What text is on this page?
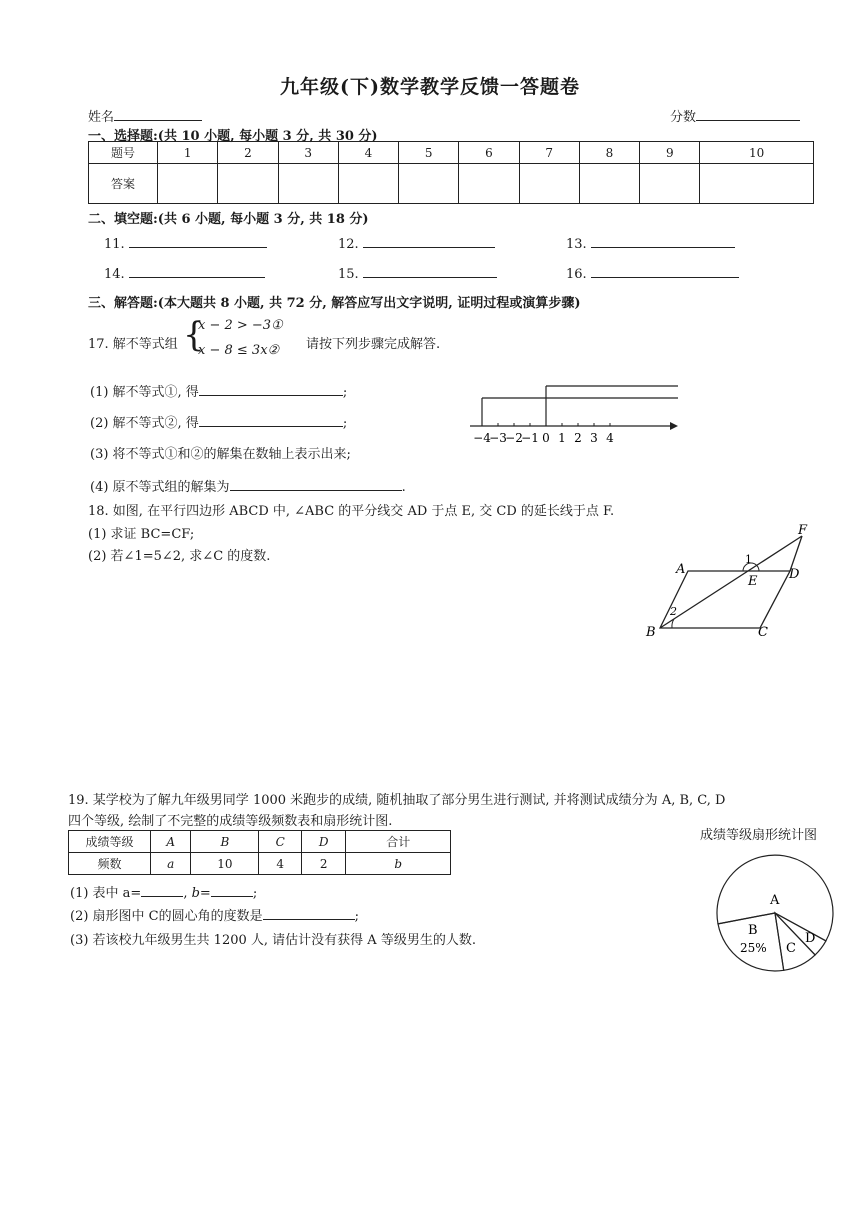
九年级(下)数学教学反馈一答题卷
姓名	分数
一、选择题:(共 10 小题, 每小题 3 分, 共 30 分)
题号	1	2	3	4	5	6	7	8	9	10
答案										
二、填空题:(共 6 小题, 每小题 3 分, 共 18 分)
11.	12.	13.
14.	15.	16.
三、解答题:(本大题共 8 小题, 共 72 分, 解答应写出文字说明, 证明过程或演算步骤)
17. 解不等式组 {
x − 2 > −3①
x − 8 ≤ 3x② 请按下列步骤完成解答.
(1) 解不等式①, 得	;
(2) 解不等式②, 得	;
(3) 将不等式①和②的解集在数轴上表示出来;
(4) 原不等式组的解集为	.
−4
−3
−2
−1 0 1 2 3 4
18. 如图, 在平行四边形 ABCD 中, ∠ABC 的平分线交 AD 于点 E, 交 CD 的延长线于点 F.
(1) 求证 BC=CF;
(2) 若∠1=5∠2, 求∠C 的度数.
A
B	C
D
E
F
1
2
19. 某学校为了解九年级男同学 1000 米跑步的成绩, 随机抽取了部分男生进行测试, 并将测试成绩分为 A, B, C, D
四个等级, 绘制了不完整的成绩等级频数表和扇形统计图.
成绩等级	A	B	C	D	合计
频数	a	10	4	2	b
(1) 表中 a=	, b=	;
(2) 扇形图中 C的圆心角的度数是	;
(3) 若该校九年级男生共 1200 人, 请估计没有获得 A 等级男生的人数.
成绩等级扇形统计图
A
B
25% C
D
